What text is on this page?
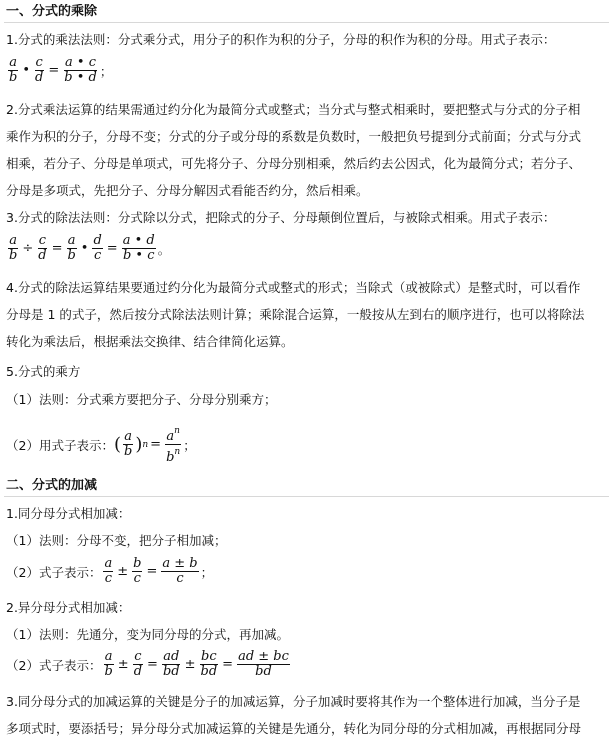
一、分式的乘除
1.分式的乘法法则：分式乘分式，用分子的积作为积的分子，分母的积作为积的分母。用式子表示：
$\frac{a}{b}$ • $\frac{c}{d} = \frac{a • c}{b • d}$ ；
2.分式乘法运算的结果需通过约分化为最简分式或整式；当分式与整式相乘时，要把整式与分式的分子相
乘作为积的分子，分母不变；分式的分子或分母的系数是负数时，一般把负号提到分式前面；分式与分式
相乘，若分子、分母是单项式，可先将分子、分母分别相乘，然后约去公因式，化为最简分式；若分子、
分母是多项式，先把分子、分母分解因式看能否约分，然后相乘。
3.分式的除法法则：分式除以分式，把除式的分子、分母颠倒位置后，与被除式相乘。用式子表示：
$\frac{a}{b} \div \frac{c}{d} = \frac{a}{b}$ • $\frac{d}{c} = \frac{a • d}{b • c}$ 。
4.分式的除法运算结果要通过约分化为最简分式或整式的形式；当除式（或被除式）是整式时，可以看作
分母是 1 的式子，然后按分式除法法则计算；乘除混合运算，一般按从左到右的顺序进行，也可以将除法
转化为乘法后，根据乘法交换律、结合律简化运算。
5.分式的乘方
（1）法则：分式乘方要把分子、分母分别乘方；
（2）用式子表示： ( $\frac{a}{b}$ ) $n = \frac{a^n}{b^n}$ ；
二、分式的加减
1.同分母分式相加减：
（1）法则：分母不变，把分子相加减；
（2）式子表示： $\frac{a}{c} \pm \frac{b}{c} = \frac{a \pm b}{c}$ ；
2.异分母分式相加减：
（1）法则：先通分，变为同分母的分式，再加减。
（2）式子表示： $\frac{a}{b} \pm \frac{c}{d} = \frac{ad}{bd} \pm \frac{bc}{bd} = \frac{ad \pm bc}{bd}$
3.同分母分式的加减运算的关键是分子的加减运算，分子加减时要将其作为一个整体进行加减，当分子是
多项式时，要添括号；异分母分式加减运算的关键是先通分，转化为同分母的分式相加减，再根据同分母
